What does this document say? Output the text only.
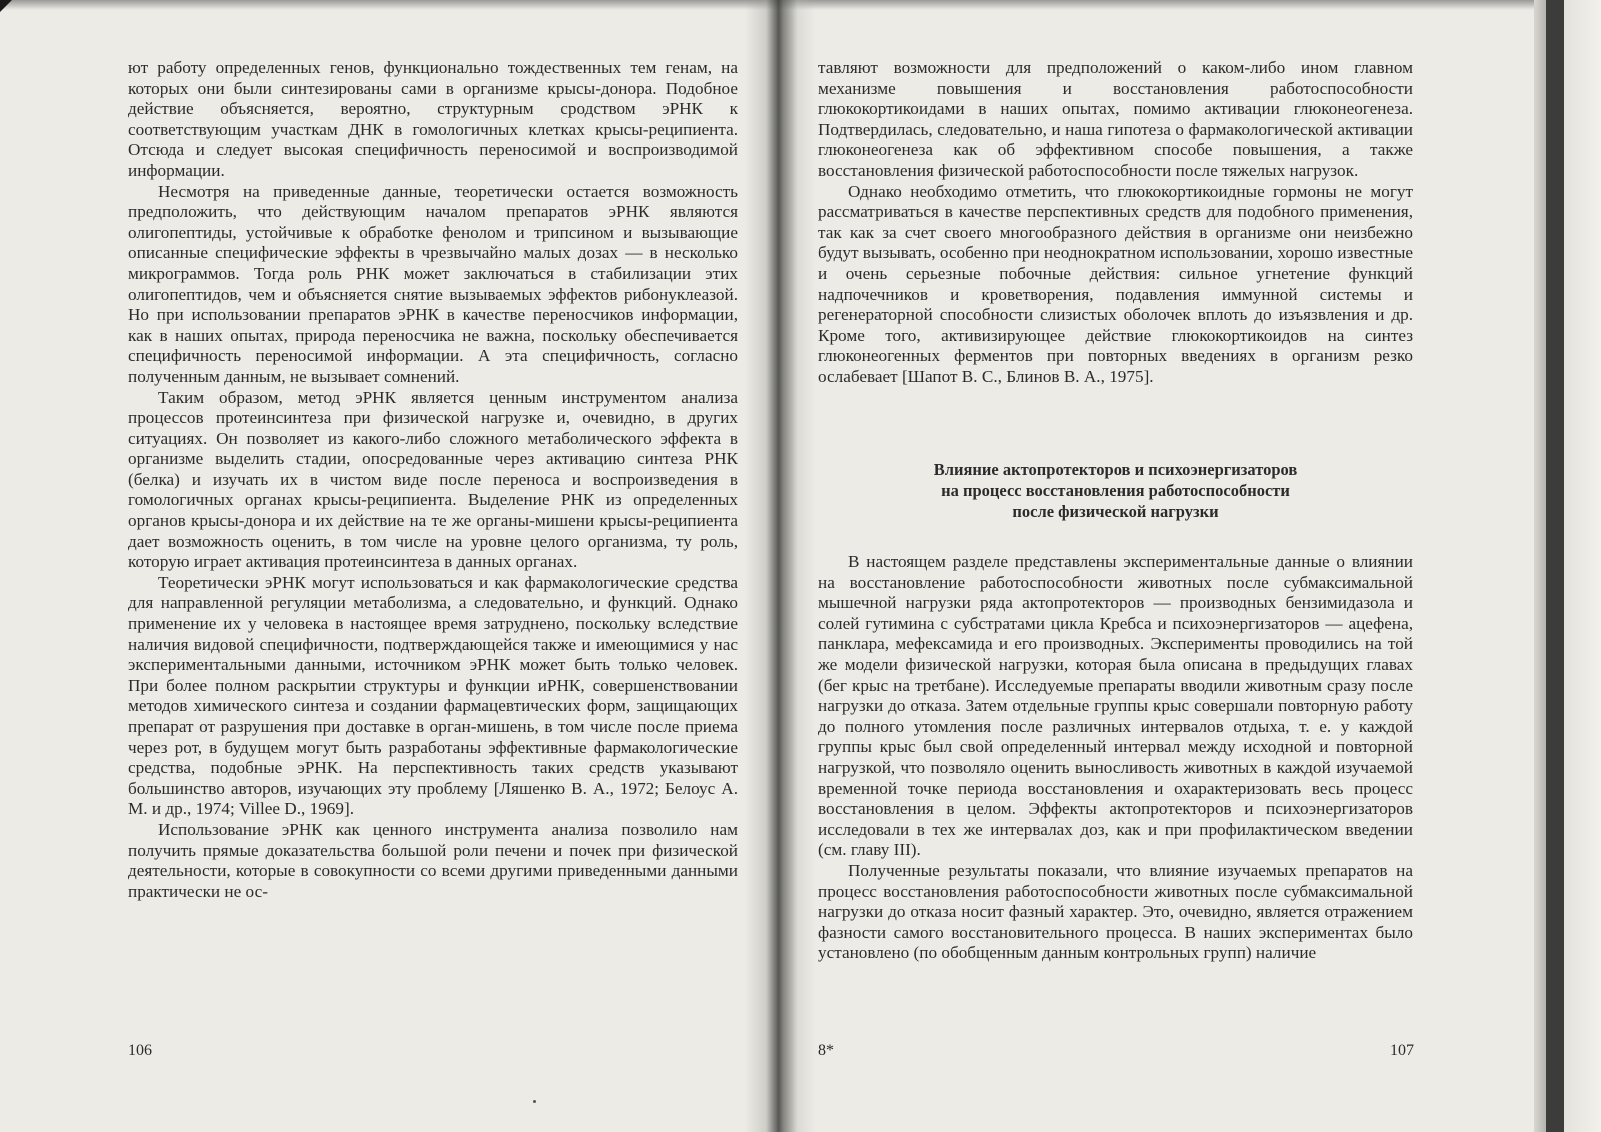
ют работу определенных генов, функционально тождественных тем генам, на которых они были синтезированы сами в организме крысы-донора. Подобное действие объясняется, вероятно, структурным сродством эРНК к соответствующим участкам ДНК в гомологичных клетках крысы-реципиента. Отсюда и следует высокая специфичность переносимой и воспроизводимой информации.

Несмотря на приведенные данные, теоретически остается возможность предположить, что действующим началом препаратов эРНК являются олигопептиды, устойчивые к обработке фенолом и трипсином и вызывающие описанные специфические эффекты в чрезвычайно малых дозах — в несколько микрограммов. Тогда роль РНК может заключаться в стабилизации этих олигопептидов, чем и объясняется снятие вызываемых эффектов рибонуклеазой. Но при использовании препаратов эРНК в качестве переносчиков информации, как в наших опытах, природа переносчика не важна, поскольку обеспечивается специфичность переносимой информации. А эта специфичность, согласно полученным данным, не вызывает сомнений.

Таким образом, метод эРНК является ценным инструментом анализа процессов протеинсинтеза при физической нагрузке и, очевидно, в других ситуациях. Он позволяет из какого-либо сложного метаболического эффекта в организме выделить стадии, опосредованные через активацию синтеза РНК (белка) и изучать их в чистом виде после переноса и воспроизведения в гомологичных органах крысы-реципиента. Выделение РНК из определенных органов крысы-донора и их действие на те же органы-мишени крысы-реципиента дает возможность оценить, в том числе на уровне целого организма, ту роль, которую играет активация протеинсинтеза в данных органах.

Теоретически эРНК могут использоваться и как фармакологические средства для направленной регуляции метаболизма, а следовательно, и функций. Однако применение их у человека в настоящее время затруднено, поскольку вследствие наличия видовой специфичности, подтверждающейся также и имеющимися у нас экспериментальными данными, источником эРНК может быть только человек. При более полном раскрытии структуры и функции иРНК, совершенствовании методов химического синтеза и создании фармацевтических форм, защищающих препарат от разрушения при доставке в орган-мишень, в том числе после приема через рот, в будущем могут быть разработаны эффективные фармакологические средства, подобные эРНК. На перспективность таких средств указывают большинство авторов, изучающих эту проблему [Ляшенко В. А., 1972; Белоус А. М. и др., 1974; Villee D., 1969].

Использование эРНК как ценного инструмента анализа позволило нам получить прямые доказательства большой роли печени и почек при физической деятельности, которые в совокупности со всеми другими приведенными данными практически не ос-

106

тавляют возможности для предположений о каком-либо ином главном механизме повышения и восстановления работоспособности глюкокортикоидами в наших опытах, помимо активации глюконеогенеза. Подтвердилась, следовательно, и наша гипотеза о фармакологической активации глюконеогенеза как об эффективном способе повышения, а также восстановления физической работоспособности после тяжелых нагрузок.

Однако необходимо отметить, что глюкокортикоидные гормоны не могут рассматриваться в качестве перспективных средств для подобного применения, так как за счет своего многообразного действия в организме они неизбежно будут вызывать, особенно при неоднократном использовании, хорошо известные и очень серьезные побочные действия: сильное угнетение функций надпочечников и кроветворения, подавления иммунной системы и регенераторной способности слизистых оболочек вплоть до изъязвления и др. Кроме того, активизирующее действие глюкокортикоидов на синтез глюконеогенных ферментов при повторных введениях в организм резко ослабевает [Шапот В. С., Блинов В. А., 1975].

Влияние актопротекторов и психоэнергизаторов
на процесс восстановления работоспособности
после физической нагрузки

В настоящем разделе представлены экспериментальные данные о влиянии на восстановление работоспособности животных после субмаксимальной мышечной нагрузки ряда актопротекторов — производных бензимидазола и солей гутимина с субстратами цикла Кребса и психоэнергизаторов — ацефена, панклара, мефексамида и его производных. Эксперименты проводились на той же модели физической нагрузки, которая была описана в предыдущих главах (бег крыс на третбане). Исследуемые препараты вводили животным сразу после нагрузки до отказа. Затем отдельные группы крыс совершали повторную работу до полного утомления после различных интервалов отдыха, т. е. у каждой группы крыс был свой определенный интервал между исходной и повторной нагрузкой, что позволяло оценить выносливость животных в каждой изучаемой временной точке периода восстановления и охарактеризовать весь процесс восстановления в целом. Эффекты актопротекторов и психоэнергизаторов исследовали в тех же интервалах доз, как и при профилактическом введении (см. главу III).

Полученные результаты показали, что влияние изучаемых препаратов на процесс восстановления работоспособности животных после субмаксимальной нагрузки до отказа носит фазный характер. Это, очевидно, является отражением фазности самого восстановительного процесса. В наших экспериментах было установлено (по обобщенным данным контрольных групп) наличие

8*	107
